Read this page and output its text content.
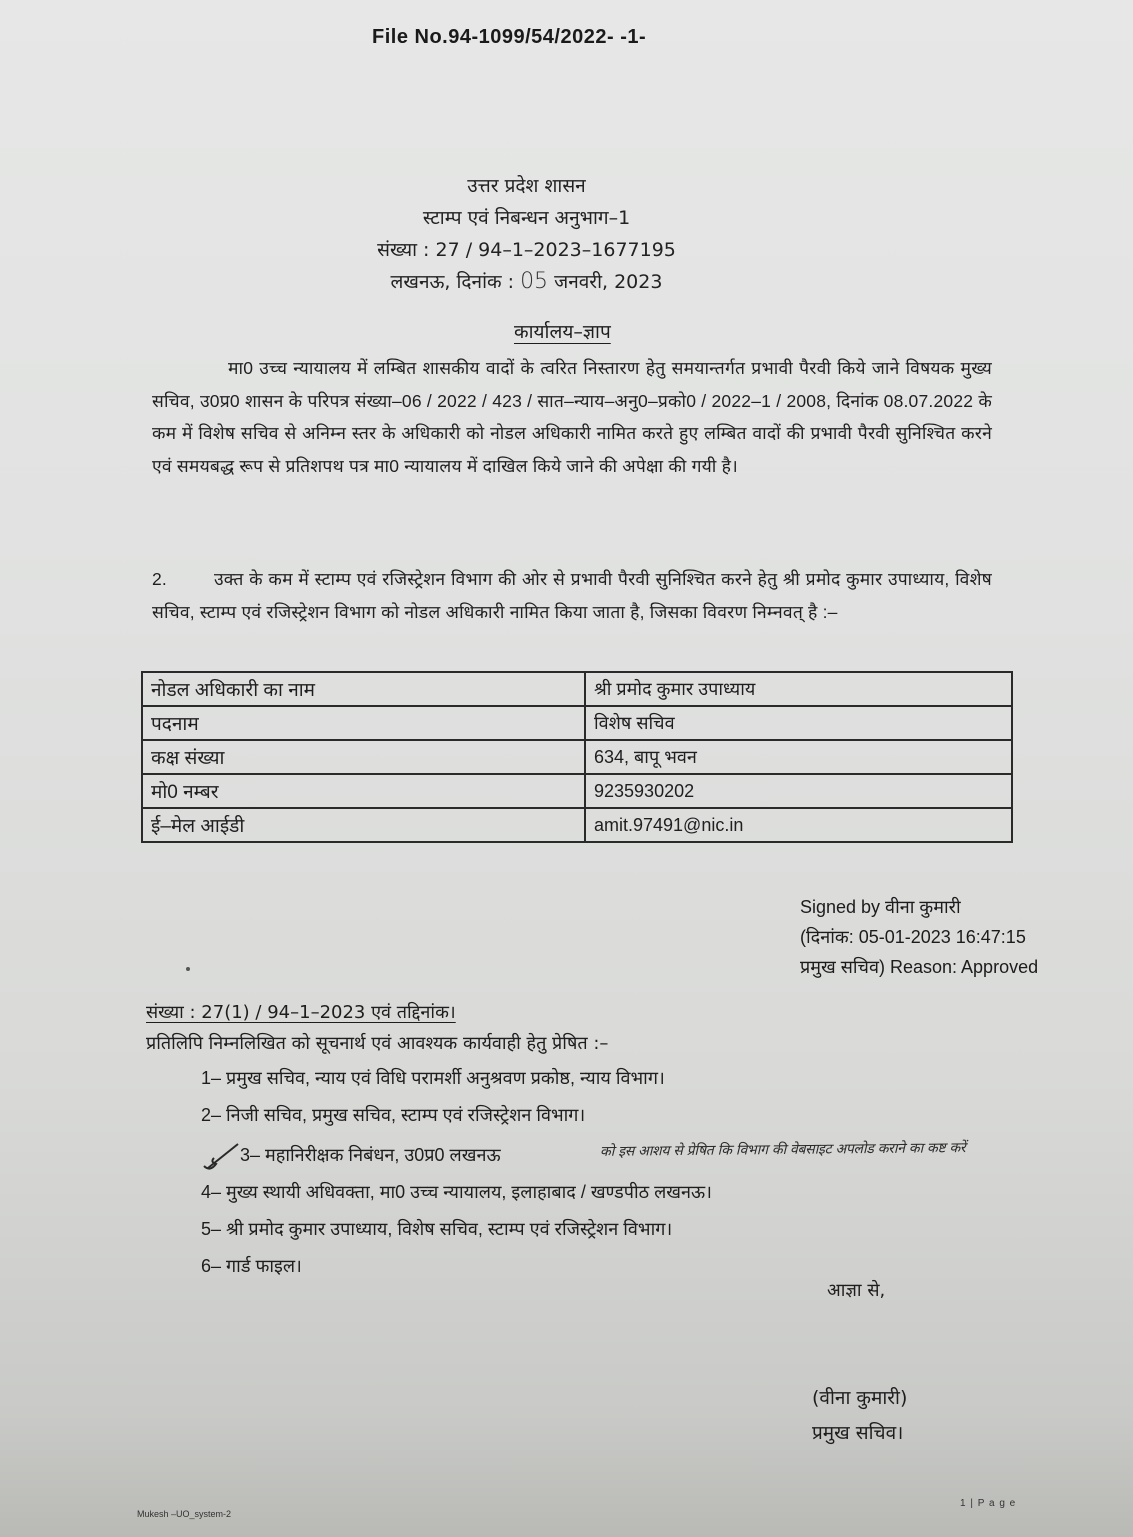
File No.94-1099/54/2022- -1-
उत्तर प्रदेश शासन
स्टाम्प एवं निबन्धन अनुभाग–1
संख्या : 27 / 94–1–2023–1677195
लखनऊ, दिनांक : 05 जनवरी, 2023
कार्यालय–ज्ञाप

मा0 उच्च न्यायालय में लम्बित शासकीय वादों के त्वरित निस्तारण हेतु समयान्तर्गत प्रभावी पैरवी किये जाने विषयक मुख्य सचिव, उ0प्र0 शासन के परिपत्र संख्या–06 / 2022 / 423 / सात–न्याय–अनु0–प्रको0 / 2022–1 / 2008, दिनांक 08.07.2022 के कम में विशेष सचिव से अनिम्न स्तर के अधिकारी को नोडल अधिकारी नामित करते हुए लम्बित वादों की प्रभावी पैरवी सुनिश्चित करने एवं समयबद्ध रूप से प्रतिशपथ पत्र मा0 न्यायालय में दाखिल किये जाने की अपेक्षा की गयी है।

2.	उक्त के कम में स्टाम्प एवं रजिस्ट्रेशन विभाग की ओर से प्रभावी पैरवी सुनिश्चित करने हेतु श्री प्रमोद कुमार उपाध्याय, विशेष सचिव, स्टाम्प एवं रजिस्ट्रेशन विभाग को नोडल अधिकारी नामित किया जाता है, जिसका विवरण निम्नवत् है :–

नोडल अधिकारी का नाम	श्री प्रमोद कुमार उपाध्याय
पदनाम	विशेष सचिव
कक्ष संख्या	634, बापू भवन
मो0 नम्बर	9235930202
ई–मेल आईडी	amit.97491@nic.in
Signed by वीना कुमारी
(दिनांक: 05-01-2023 16:47:15
प्रमुख सचिव) Reason: Approved
संख्या : 27(1) / 94–1–2023 एवं तद्दिनांक।
प्रतिलिपि निम्नलिखित को सूचनार्थ एवं आवश्यक कार्यवाही हेतु प्रेषित :–
1– प्रमुख सचिव, न्याय एवं विधि परामर्शी अनुश्रवण प्रकोष्ठ, न्याय विभाग।
2– निजी सचिव, प्रमुख सचिव, स्टाम्प एवं रजिस्ट्रेशन विभाग।
3– महानिरीक्षक निबंधन, उ0प्र0 लखनऊ	को इस आशय से प्रेषित कि विभाग की वेबसाइट अपलोड कराने का कष्ट करें
4– मुख्य स्थायी अधिवक्ता, मा0 उच्च न्यायालय, इलाहाबाद / खण्डपीठ लखनऊ।
5– श्री प्रमोद कुमार उपाध्याय, विशेष सचिव, स्टाम्प एवं रजिस्ट्रेशन विभाग।
6– गार्ड फाइल।
आज्ञा से,
(वीना कुमारी)
प्रमुख सचिव।
Mukesh –UO_system-2
1 | P a g e
